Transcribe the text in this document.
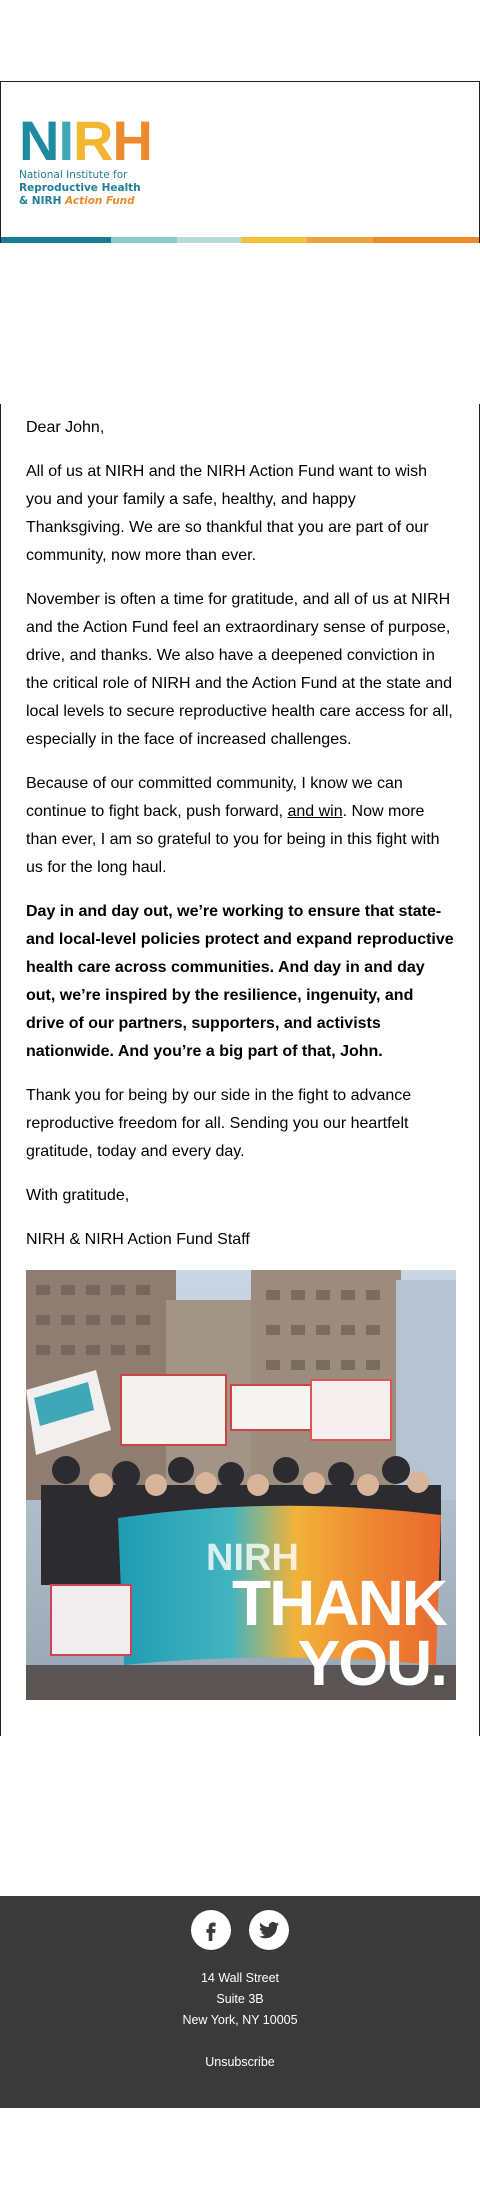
N I R H
National Institute for
Reproductive Health
& NIRH Action Fund

Dear John,

All of us at NIRH and the NIRH Action Fund want to wish you and your family a safe, healthy, and happy Thanksgiving. We are so thankful that you are part of our community, now more than ever.

November is often a time for gratitude, and all of us at NIRH and the Action Fund feel an extraordinary sense of purpose, drive, and thanks. We also have a deepened conviction in the critical role of NIRH and the Action Fund at the state and local levels to secure reproductive health care access for all, especially in the face of increased challenges.

Because of our committed community, I know we can continue to fight back, push forward, and win. Now more than ever, I am so grateful to you for being in this fight with us for the long haul.

Day in and day out, we’re working to ensure that state- and local-level policies protect and expand reproductive health care across communities. And day in and day out, we’re inspired by the resilience, ingenuity, and drive of our partners, supporters, and activists nationwide. And you’re a big part of that, John.

Thank you for being by our side in the fight to advance reproductive freedom for all. Sending you our heartfelt gratitude, today and every day.

With gratitude,

NIRH & NIRH Action Fund Staff

NIRH
THANK
YOU.
14 Wall Street
Suite 3B
New York, NY 10005
Unsubscribe
